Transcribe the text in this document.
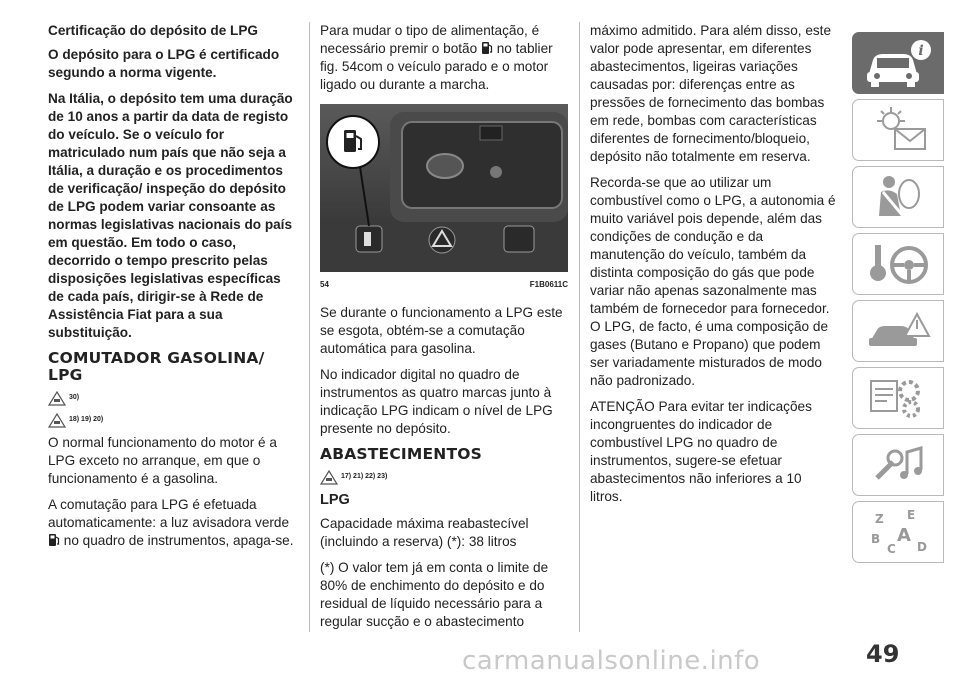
Certificação do depósito de LPG

O depósito para o LPG é certificado segundo a norma vigente.

Na Itália, o depósito tem uma duração de 10 anos a partir da data de registo do veículo. Se o veículo for matriculado num país que não seja a Itália, a duração e os procedimentos de verificação/ inspeção do depósito de LPG podem variar consoante as normas legislativas nacionais do país em questão. Em todo o caso, decorrido o tempo prescrito pelas disposições legislativas específicas de cada país, dirigir-se à Rede de Assistência Fiat para a sua substituição.

COMUTADOR GASOLINA/ LPG
30)
18) 19) 20)

O normal funcionamento do motor é a LPG exceto no arranque, em que o funcionamento é a gasolina.

A comutação para LPG é efetuada automaticamente: a luz avisadora verde
no quadro de instrumentos, apaga-se.

Para mudar o tipo de alimentação, é necessário premir o botão no tablier fig. 54com o veículo parado e o motor ligado ou durante a marcha.

54	F1B0611C

Se durante o funcionamento a LPG este se esgota, obtém-se a comutação automática para gasolina.

No indicador digital no quadro de instrumentos as quatro marcas junto à indicação LPG indicam o nível de LPG presente no depósito.

ABASTECIMENTOS
17) 21) 22) 23)
LPG

Capacidade máxima reabastecível (incluindo a reserva) (*): 38 litros

(*) O valor tem já em conta o limite de 80% de enchimento do depósito e do residual de líquido necessário para a regular sucção e o abastecimento

máximo admitido. Para além disso, este valor pode apresentar, em diferentes abastecimentos, ligeiras variações causadas por: diferenças entre as pressões de fornecimento das bombas em rede, bombas com características diferentes de fornecimento/bloqueio, depósito não totalmente em reserva.

Recorda-se que ao utilizar um combustível como o LPG, a autonomia é muito variável pois depende, além das condições de condução e da manutenção do veículo, também da distinta composição do gás que pode variar não apenas sazonalmente mas também de fornecedor para fornecedor. O LPG, de facto, é uma composição de gases (Butano e Propano) que podem ser variadamente misturados de modo não padronizado.

ATENÇÃO Para evitar ter indicações incongruentes do indicador de combustível LPG no quadro de instrumentos, sugere-se efetuar abastecimentos não inferiores a 10 litros.

i
Z E
B
C
A
D
49
carmanualsonline.info
